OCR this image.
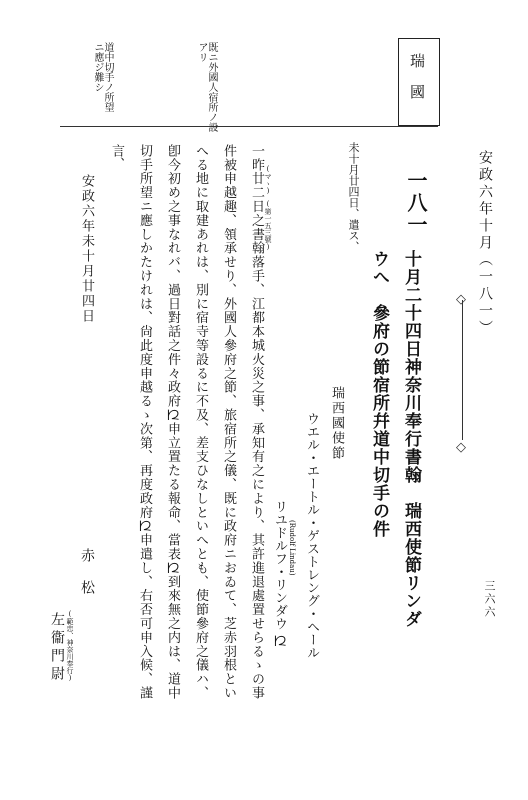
安政六年十月（一八一）
◇
◇
瑞國
既ニ外國人宿所ノ設アリ
道中切手ノ所望ニ應ジ難シ
三六六
一八一
十月二十四日神奈川奉行書翰　瑞西使節リンダ
ウへ　參府の節宿所幷道中切手の件
未十月廿四日、遣ス、
瑞西國使節
ウエル・エートル・ゲストレング・ヘール
(Rudolf Lindau)
リユドルフ・リンダウ
𛀁
一昨廿二日之書翰落手、江都本城火災之事、承知有之により、其許進退處置せらるゝの事
件被申越趣、領承せり、外國人參府之節、旅宿所之儀、既に政府ニおゐて、芝赤羽根とい
へる地に取建あれは、別に宿寺等設るに不及、差支ひなしといへとも、使節參府之儀ハ、
卽今初め之事なれバ、過日對話之件々政府𛀁申立置たる報命、當表𛀁到來無之内は、道中
切手所望ニ應しかたけれは、尙此度申越るゝ次第、再度政府𛀁申遣し、右否可申入候、謹
言、
(マヽ)
(第一五三號)
安政六年未十月廿四日
赤松
(範忠、神奈川奉行)
左衞門尉
